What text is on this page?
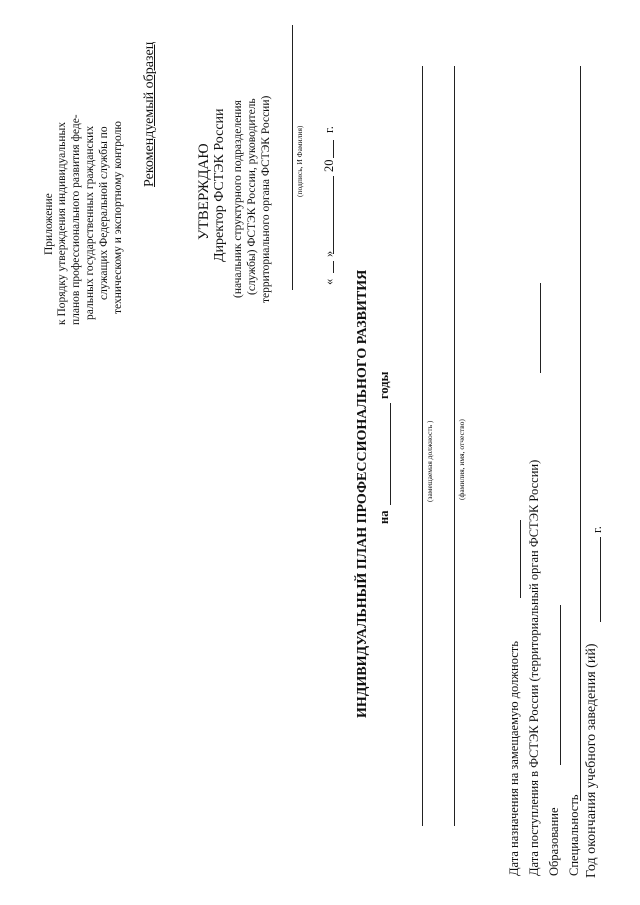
Приложение к Порядку утверждения индивидуальных планов профессионального развития феде- ральных государственных гражданских служащих Федеральной службы по техническому и экспортному контролю
Рекомендуемый образец
УТВЕРЖДАЮ Директор ФСТЭК России (начальник структурного подразделения (службы) ФСТЭК России, руководитель территориального органа ФСТЭК России)	(подпись, И Фамилия)
«
»
20
г.
ИНДИВИДУАЛЬНЫЙ ПЛАН ПРОФЕССИОНАЛЬНОГО РАЗВИТИЯ на
годы
(замещаемая должность )	(фамилия, имя, отчество)
Дата назначения на замещаемую должность Дата поступления в ФСТЭК России (территориальный орган ФСТЭК России) Образование Специальность Год окончания учебного заведения (ий)
г.
